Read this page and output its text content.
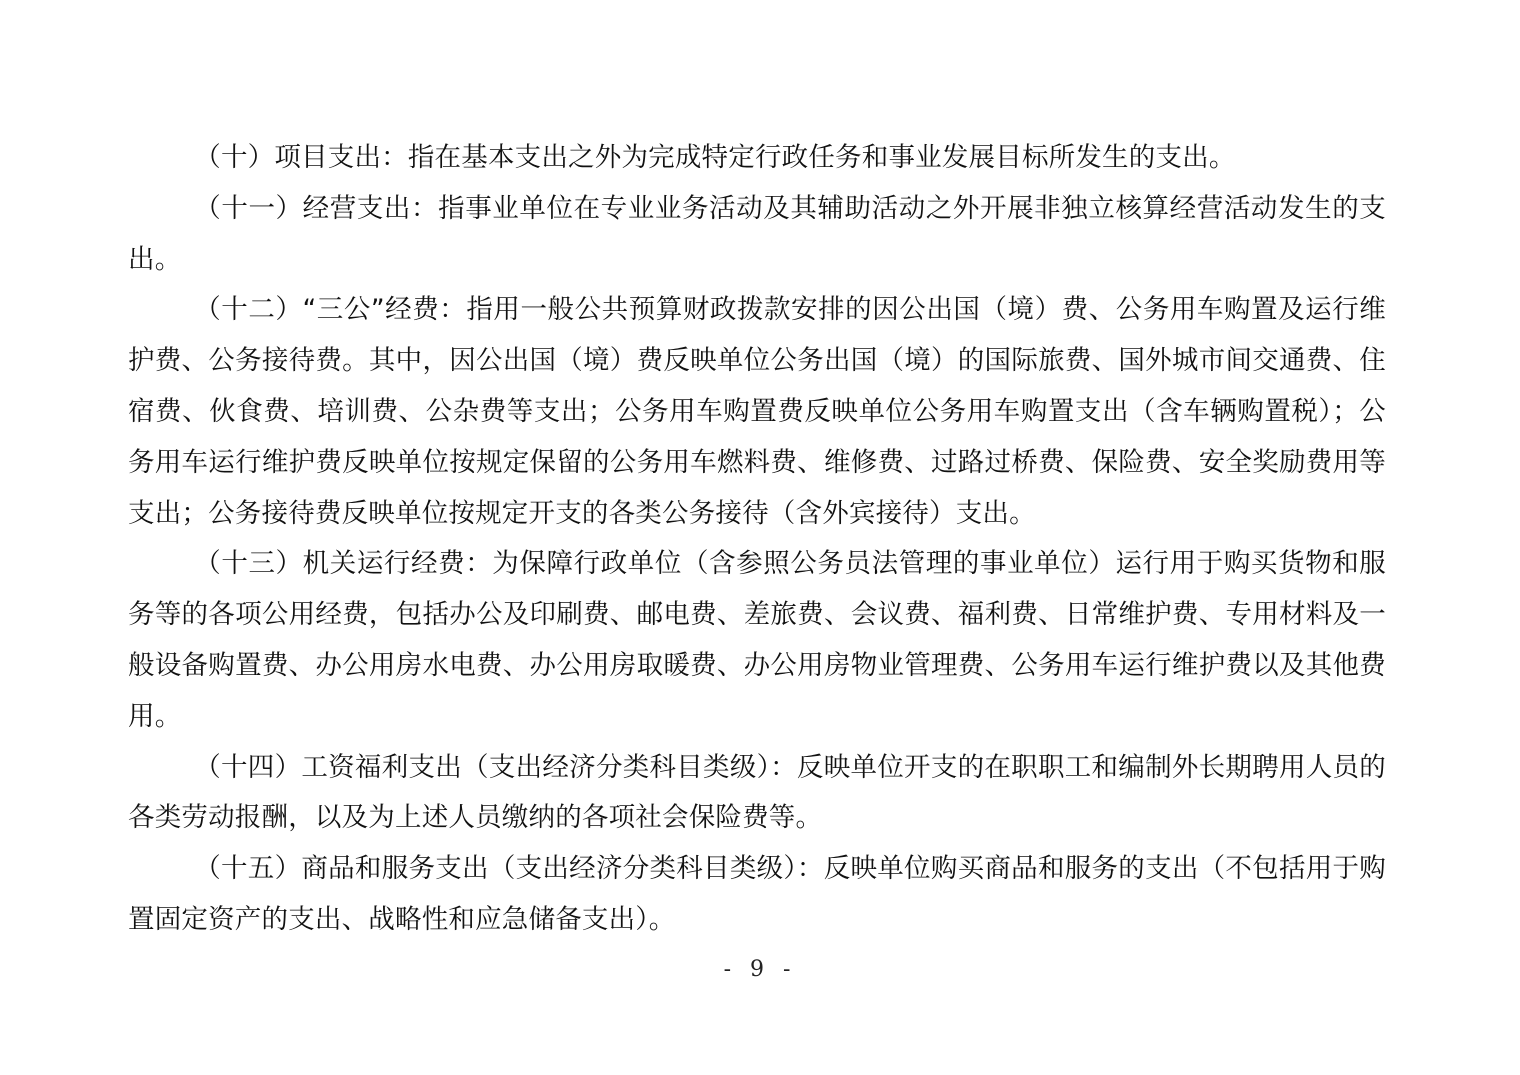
（十）项目支出：指在基本支出之外为完成特定行政任务和事业发展目标所发生的支出。

（十一）经营支出：指事业单位在专业业务活动及其辅助活动之外开展非独立核算经营活动发生的支出。

（十二）“三公”经费：指用一般公共预算财政拨款安排的因公出国（境）费、公务用车购置及运行维护费、公务接待费。其中，因公出国（境）费反映单位公务出国（境）的国际旅费、国外城市间交通费、住宿费、伙食费、培训费、公杂费等支出；公务用车购置费反映单位公务用车购置支出（含车辆购置税）；公务用车运行维护费反映单位按规定保留的公务用车燃料费、维修费、过路过桥费、保险费、安全奖励费用等支出；公务接待费反映单位按规定开支的各类公务接待（含外宾接待）支出。

（十三）机关运行经费：为保障行政单位（含参照公务员法管理的事业单位）运行用于购买货物和服务等的各项公用经费，包括办公及印刷费、邮电费、差旅费、会议费、福利费、日常维护费、专用材料及一般设备购置费、办公用房水电费、办公用房取暖费、办公用房物业管理费、公务用车运行维护费以及其他费用。

（十四）工资福利支出（支出经济分类科目类级）：反映单位开支的在职职工和编制外长期聘用人员的各类劳动报酬，以及为上述人员缴纳的各项社会保险费等。

（十五）商品和服务支出（支出经济分类科目类级）：反映单位购买商品和服务的支出（不包括用于购置固定资产的支出、战略性和应急储备支出）。

- 9 -
